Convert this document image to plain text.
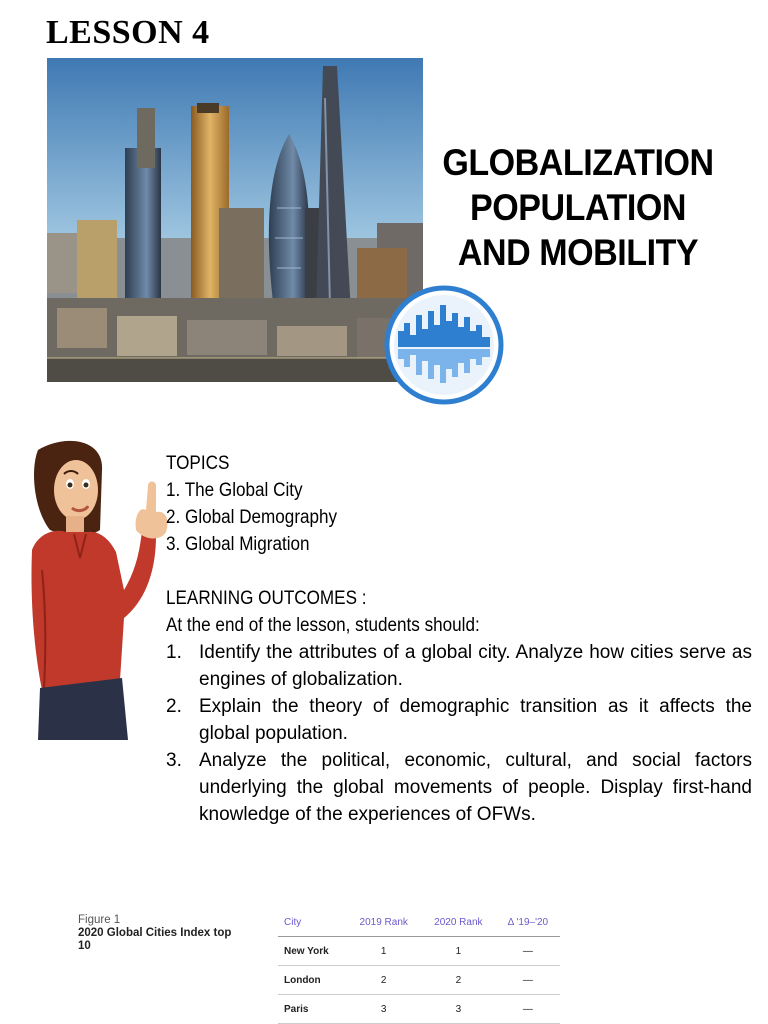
LESSON 4
GLOBALIZATION
POPULATION
AND MOBILITY
TOPICS
1. The Global City
2. Global Demography
3. Global Migration
LEARNING OUTCOMES :
At the end of the lesson, students should:
1. Identify the attributes of a global city. Analyze how cities serve as engines of globalization.
2. Explain the theory of demographic transition as it affects the global population.
3. Analyze the political, economic, cultural, and social factors underlying the global movements of people. Display first-hand knowledge of the experiences of OFWs.
Figure 1
2020 Global Cities Index top 10
City	2019 Rank	2020 Rank	Δ '19–'20
New York	1	1	—
London	2	2	—
Paris	3	3	—
